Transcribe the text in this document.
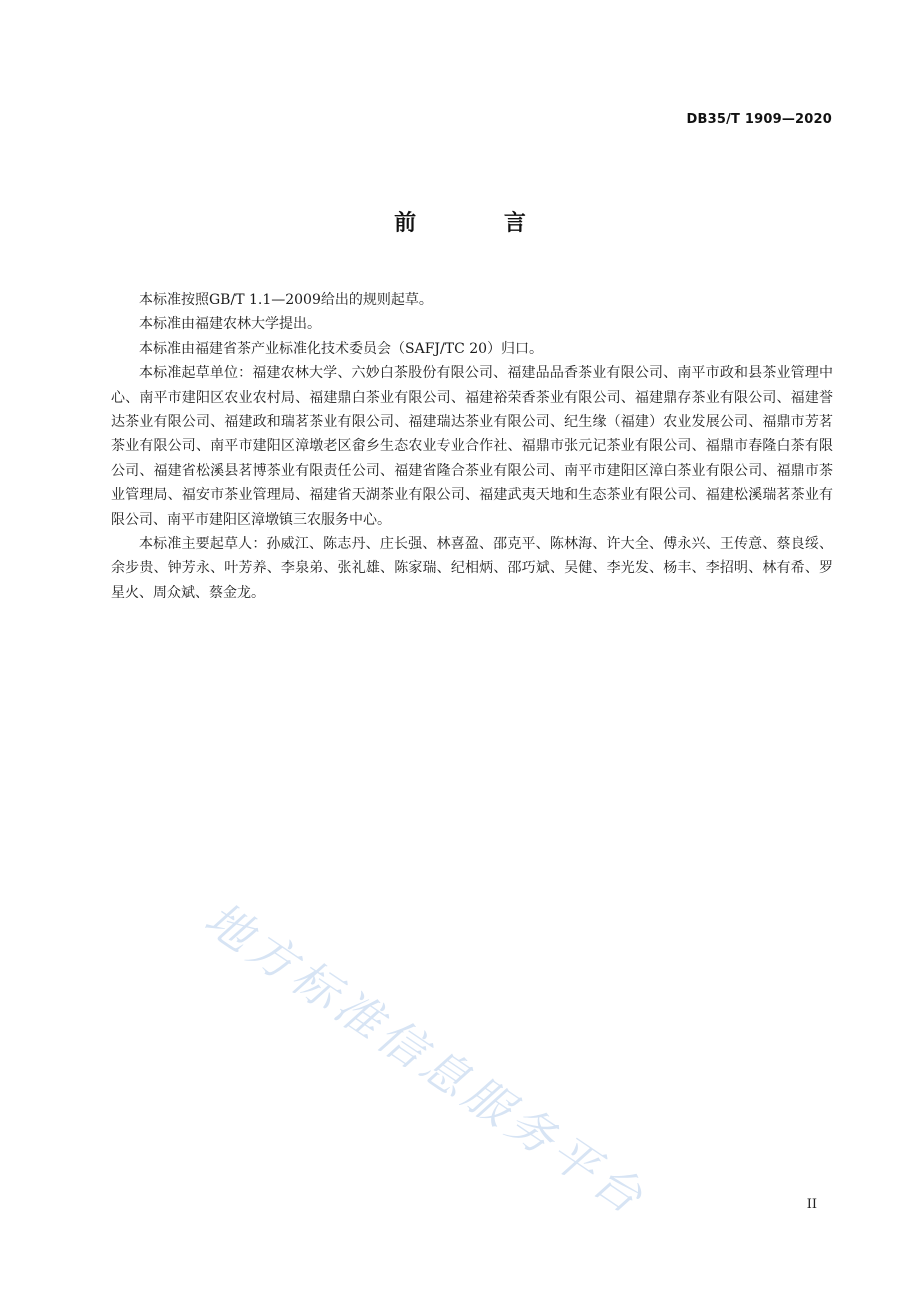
DB35/T 1909—2020
前 言

本标准按照GB/T 1.1—2009给出的规则起草。

本标准由福建农林大学提出。

本标准由福建省茶产业标准化技术委员会（SAFJ/TC 20）归口。

本标准起草单位：福建农林大学、六妙白茶股份有限公司、福建品品香茶业有限公司、南平市政和县茶业管理中心、南平市建阳区农业农村局、福建鼎白茶业有限公司、福建裕荣香茶业有限公司、福建鼎存茶业有限公司、福建誉达茶业有限公司、福建政和瑞茗茶业有限公司、福建瑞达茶业有限公司、纪生缘（福建）农业发展公司、福鼎市芳茗茶业有限公司、南平市建阳区漳墩老区畲乡生态农业专业合作社、福鼎市张元记茶业有限公司、福鼎市春隆白茶有限公司、福建省松溪县茗博茶业有限责任公司、福建省隆合茶业有限公司、南平市建阳区漳白茶业有限公司、福鼎市茶业管理局、福安市茶业管理局、福建省天湖茶业有限公司、福建武夷天地和生态茶业有限公司、福建松溪瑞茗茶业有限公司、南平市建阳区漳墩镇三农服务中心。

本标准主要起草人：孙威江、陈志丹、庄长强、林喜盈、邵克平、陈林海、许大全、傅永兴、王传意、蔡良绥、余步贵、钟芳永、叶芳养、李泉弟、张礼雄、陈家瑞、纪相炳、邵巧斌、吴健、李光发、杨丰、李招明、林有希、罗星火、周众斌、蔡金龙。

地方标准信息服务平台	II
